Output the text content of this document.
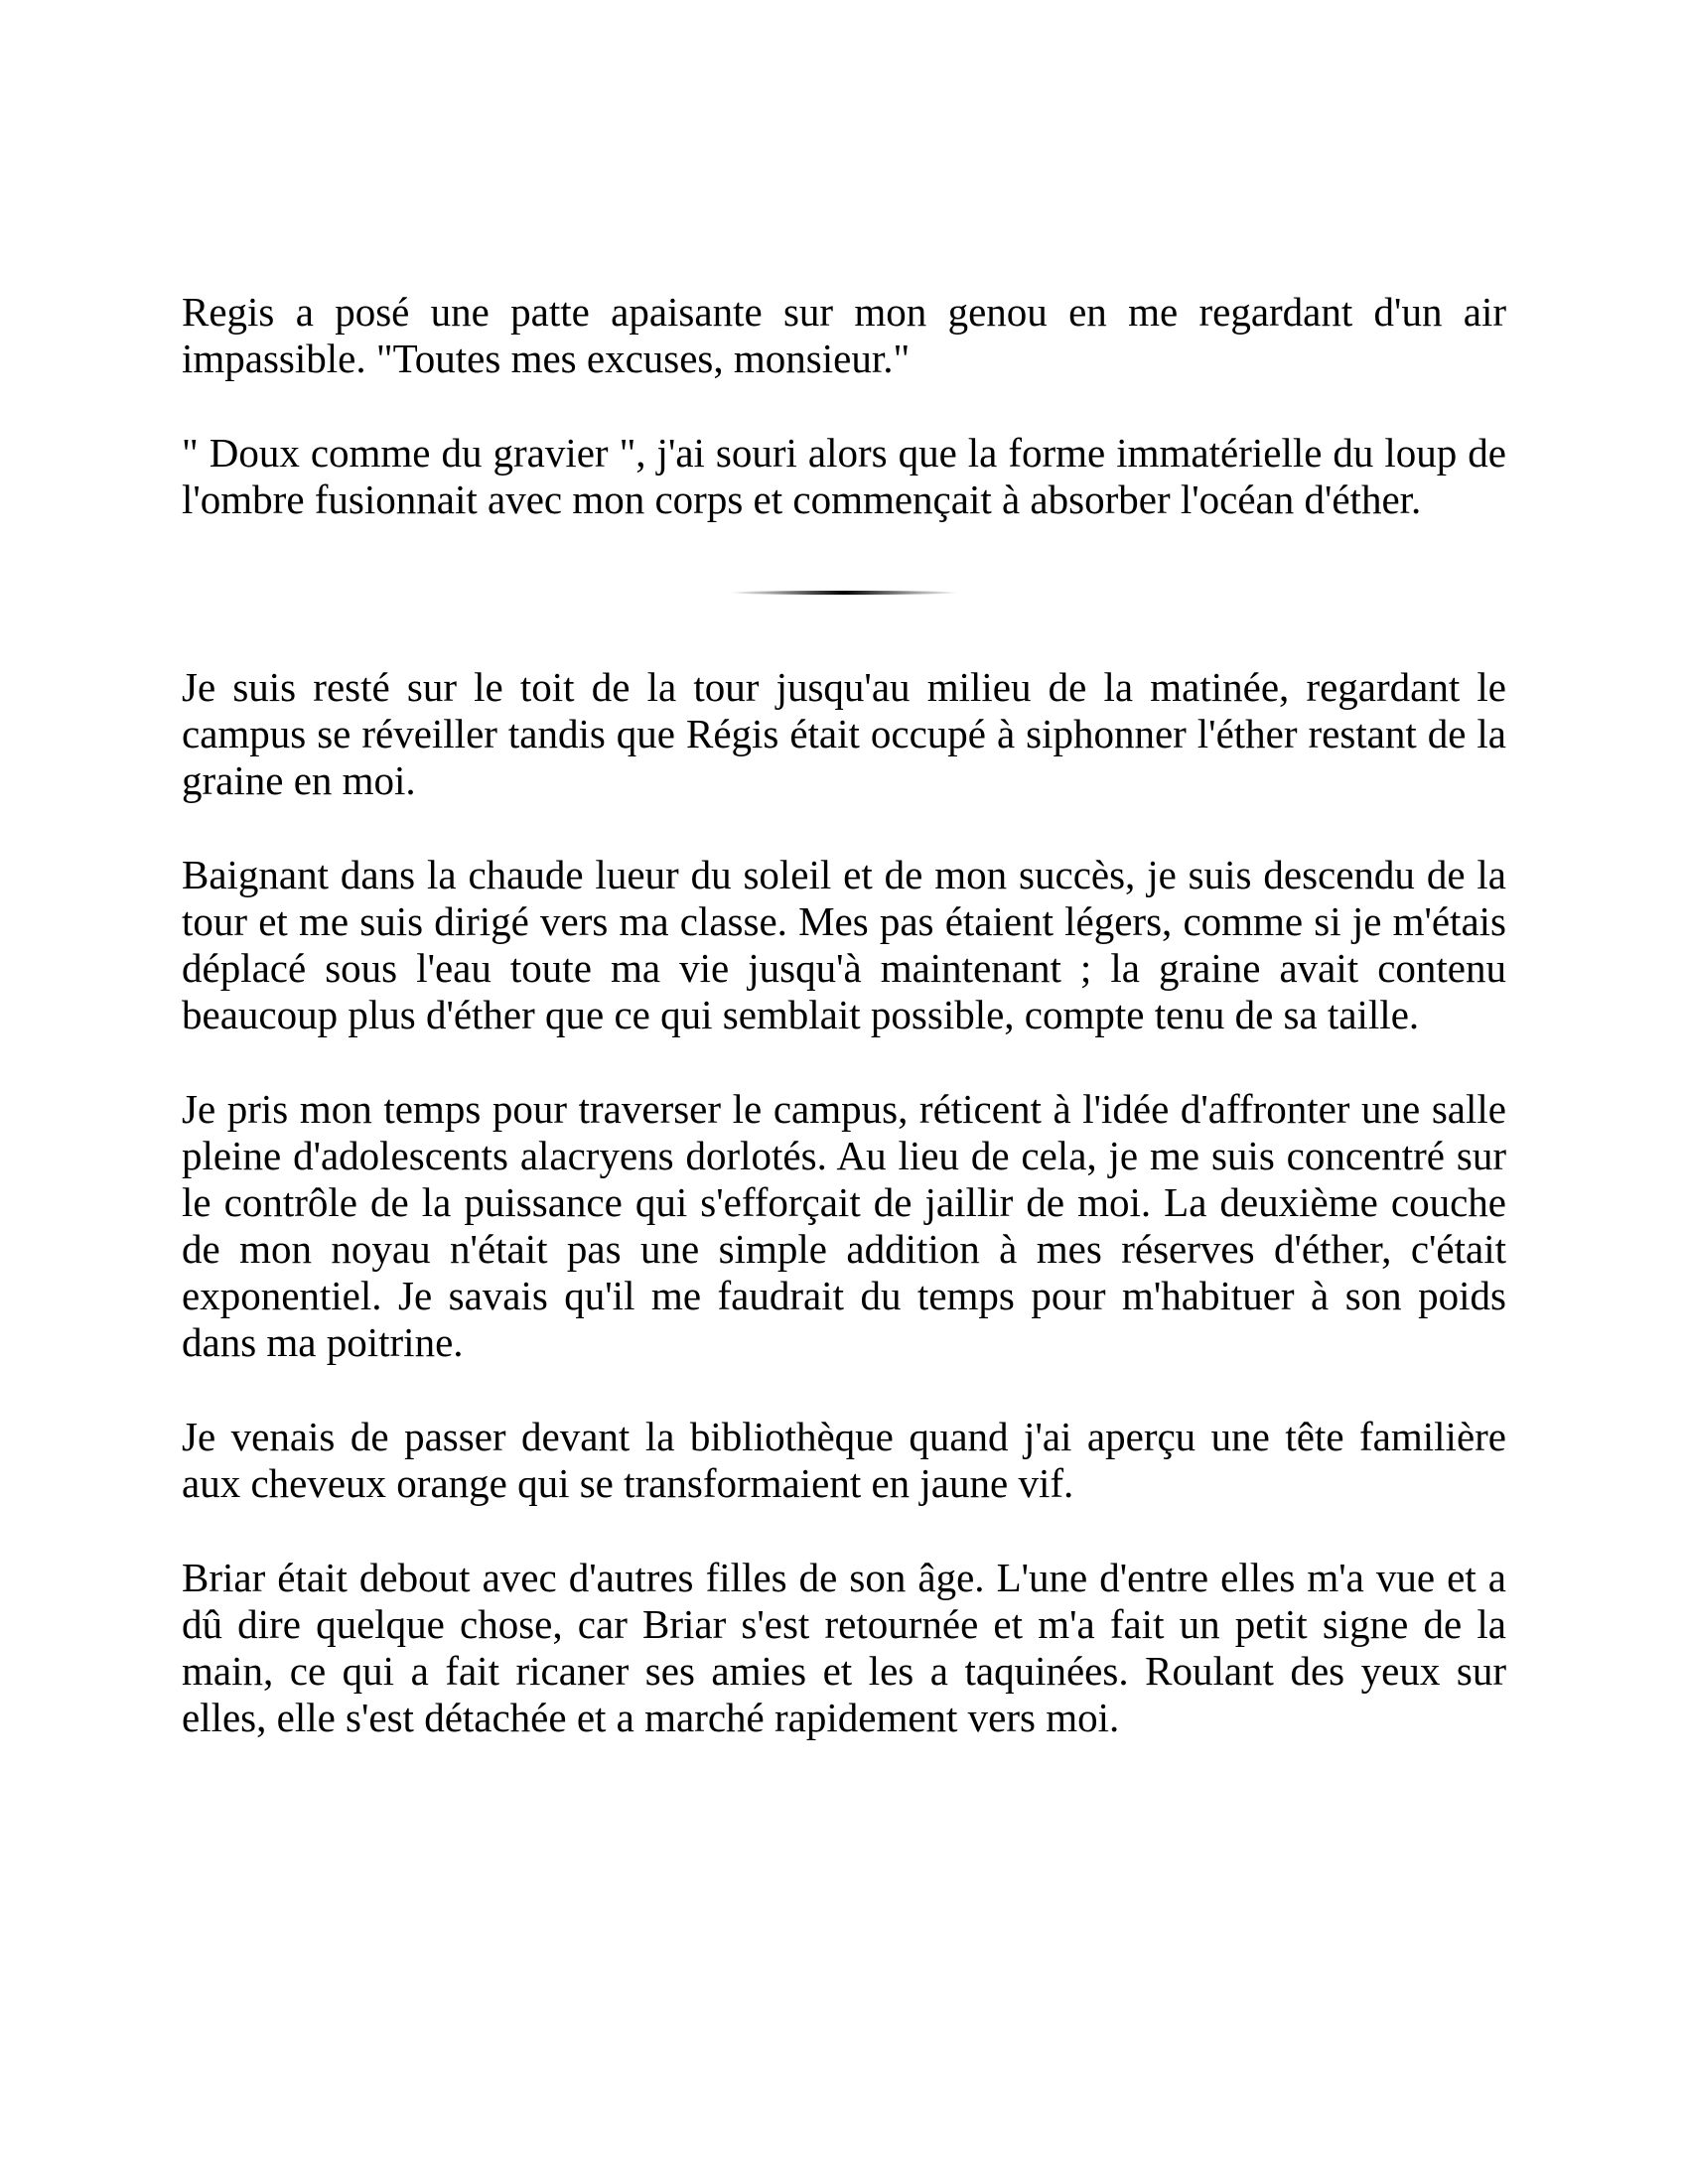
Regis a posé une patte apaisante sur mon genou en me regardant d'un air impassible. "Toutes mes excuses, monsieur."

" Doux comme du gravier ", j'ai souri alors que la forme immatérielle du loup de l'ombre fusionnait avec mon corps et commençait à absorber l'océan d'éther.

Je suis resté sur le toit de la tour jusqu'au milieu de la matinée, regardant le campus se réveiller tandis que Régis était occupé à siphonner l'éther restant de la graine en moi.

Baignant dans la chaude lueur du soleil et de mon succès, je suis descendu de la tour et me suis dirigé vers ma classe. Mes pas étaient légers, comme si je m'étais déplacé sous l'eau toute ma vie jusqu'à maintenant ; la graine avait contenu beaucoup plus d'éther que ce qui semblait possible, compte tenu de sa taille.

Je pris mon temps pour traverser le campus, réticent à l'idée d'affronter une salle pleine d'adolescents alacryens dorlotés. Au lieu de cela, je me suis concentré sur le contrôle de la puissance qui s'efforçait de jaillir de moi. La deuxième couche de mon noyau n'était pas une simple addition à mes réserves d'éther, c'était exponentiel. Je savais qu'il me faudrait du temps pour m'habituer à son poids dans ma poitrine.

Je venais de passer devant la bibliothèque quand j'ai aperçu une tête familière aux cheveux orange qui se transformaient en jaune vif.

Briar était debout avec d'autres filles de son âge. L'une d'entre elles m'a vue et a dû dire quelque chose, car Briar s'est retournée et m'a fait un petit signe de la main, ce qui a fait ricaner ses amies et les a taquinées. Roulant des yeux sur elles, elle s'est détachée et a marché rapidement vers moi.
